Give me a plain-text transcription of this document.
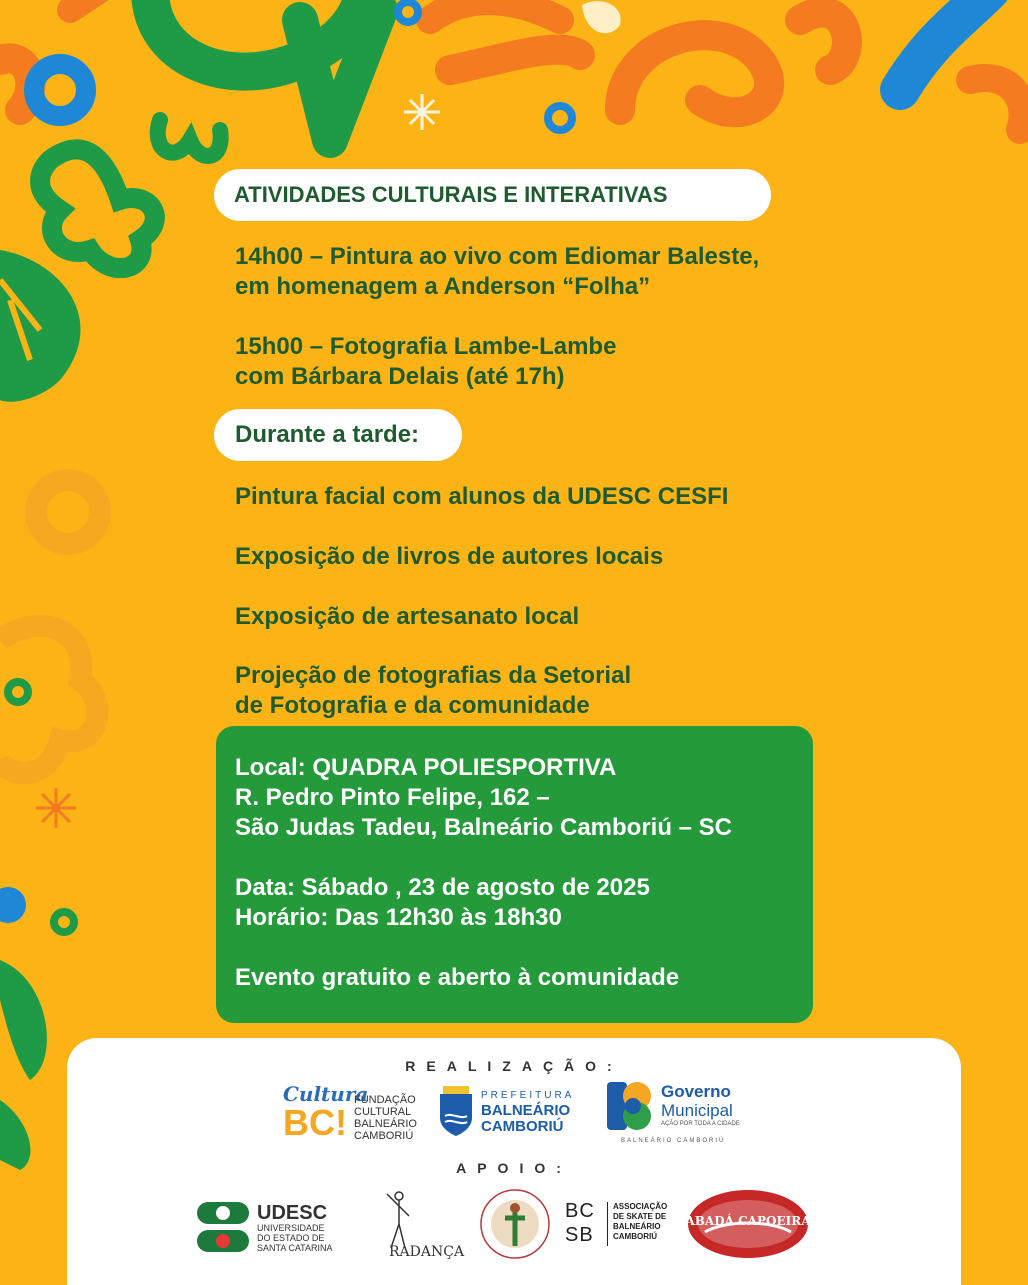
ATIVIDADES CULTURAIS E INTERATIVAS
14h00 – Pintura ao vivo com Ediomar Baleste,
em homenagem a Anderson “Folha”
15h00 – Fotografia Lambe-Lambe
com Bárbara Delais (até 17h)
Durante a tarde:
Pintura facial com alunos da UDESC CESFI
Exposição de livros de autores locais
Exposição de artesanato local
Projeção de fotografias da Setorial
de Fotografia e da comunidade
Local: QUADRA POLIESPORTIVA
R. Pedro Pinto Felipe, 162 –
São Judas Tadeu, Balneário Camboriú – SC
Data: Sábado , 23 de agosto de 2025
Horário: Das 12h30 às 18h30
Evento gratuito e aberto à comunidade
REALIZAÇÃO:
Cultura
BC!
FUNDAÇÃO
CULTURAL
BALNEÁRIO
CAMBORIÚ
PREFEITURA
BALNEÁRIO
CAMBORIÚ
Governo
Municipal
AÇÃO POR TODA A CIDADE
BALNEÁRIO CAMBORIÚ
APOIO:
UDESC
UNIVERSIDADE
DO ESTADO DE
SANTA CATARINA	RADANÇA
BC
SB
ASSOCIAÇÃO
DE SKATE DE
BALNEÁRIO
CAMBORIÚ
ABADÁ CAPOEIRA
